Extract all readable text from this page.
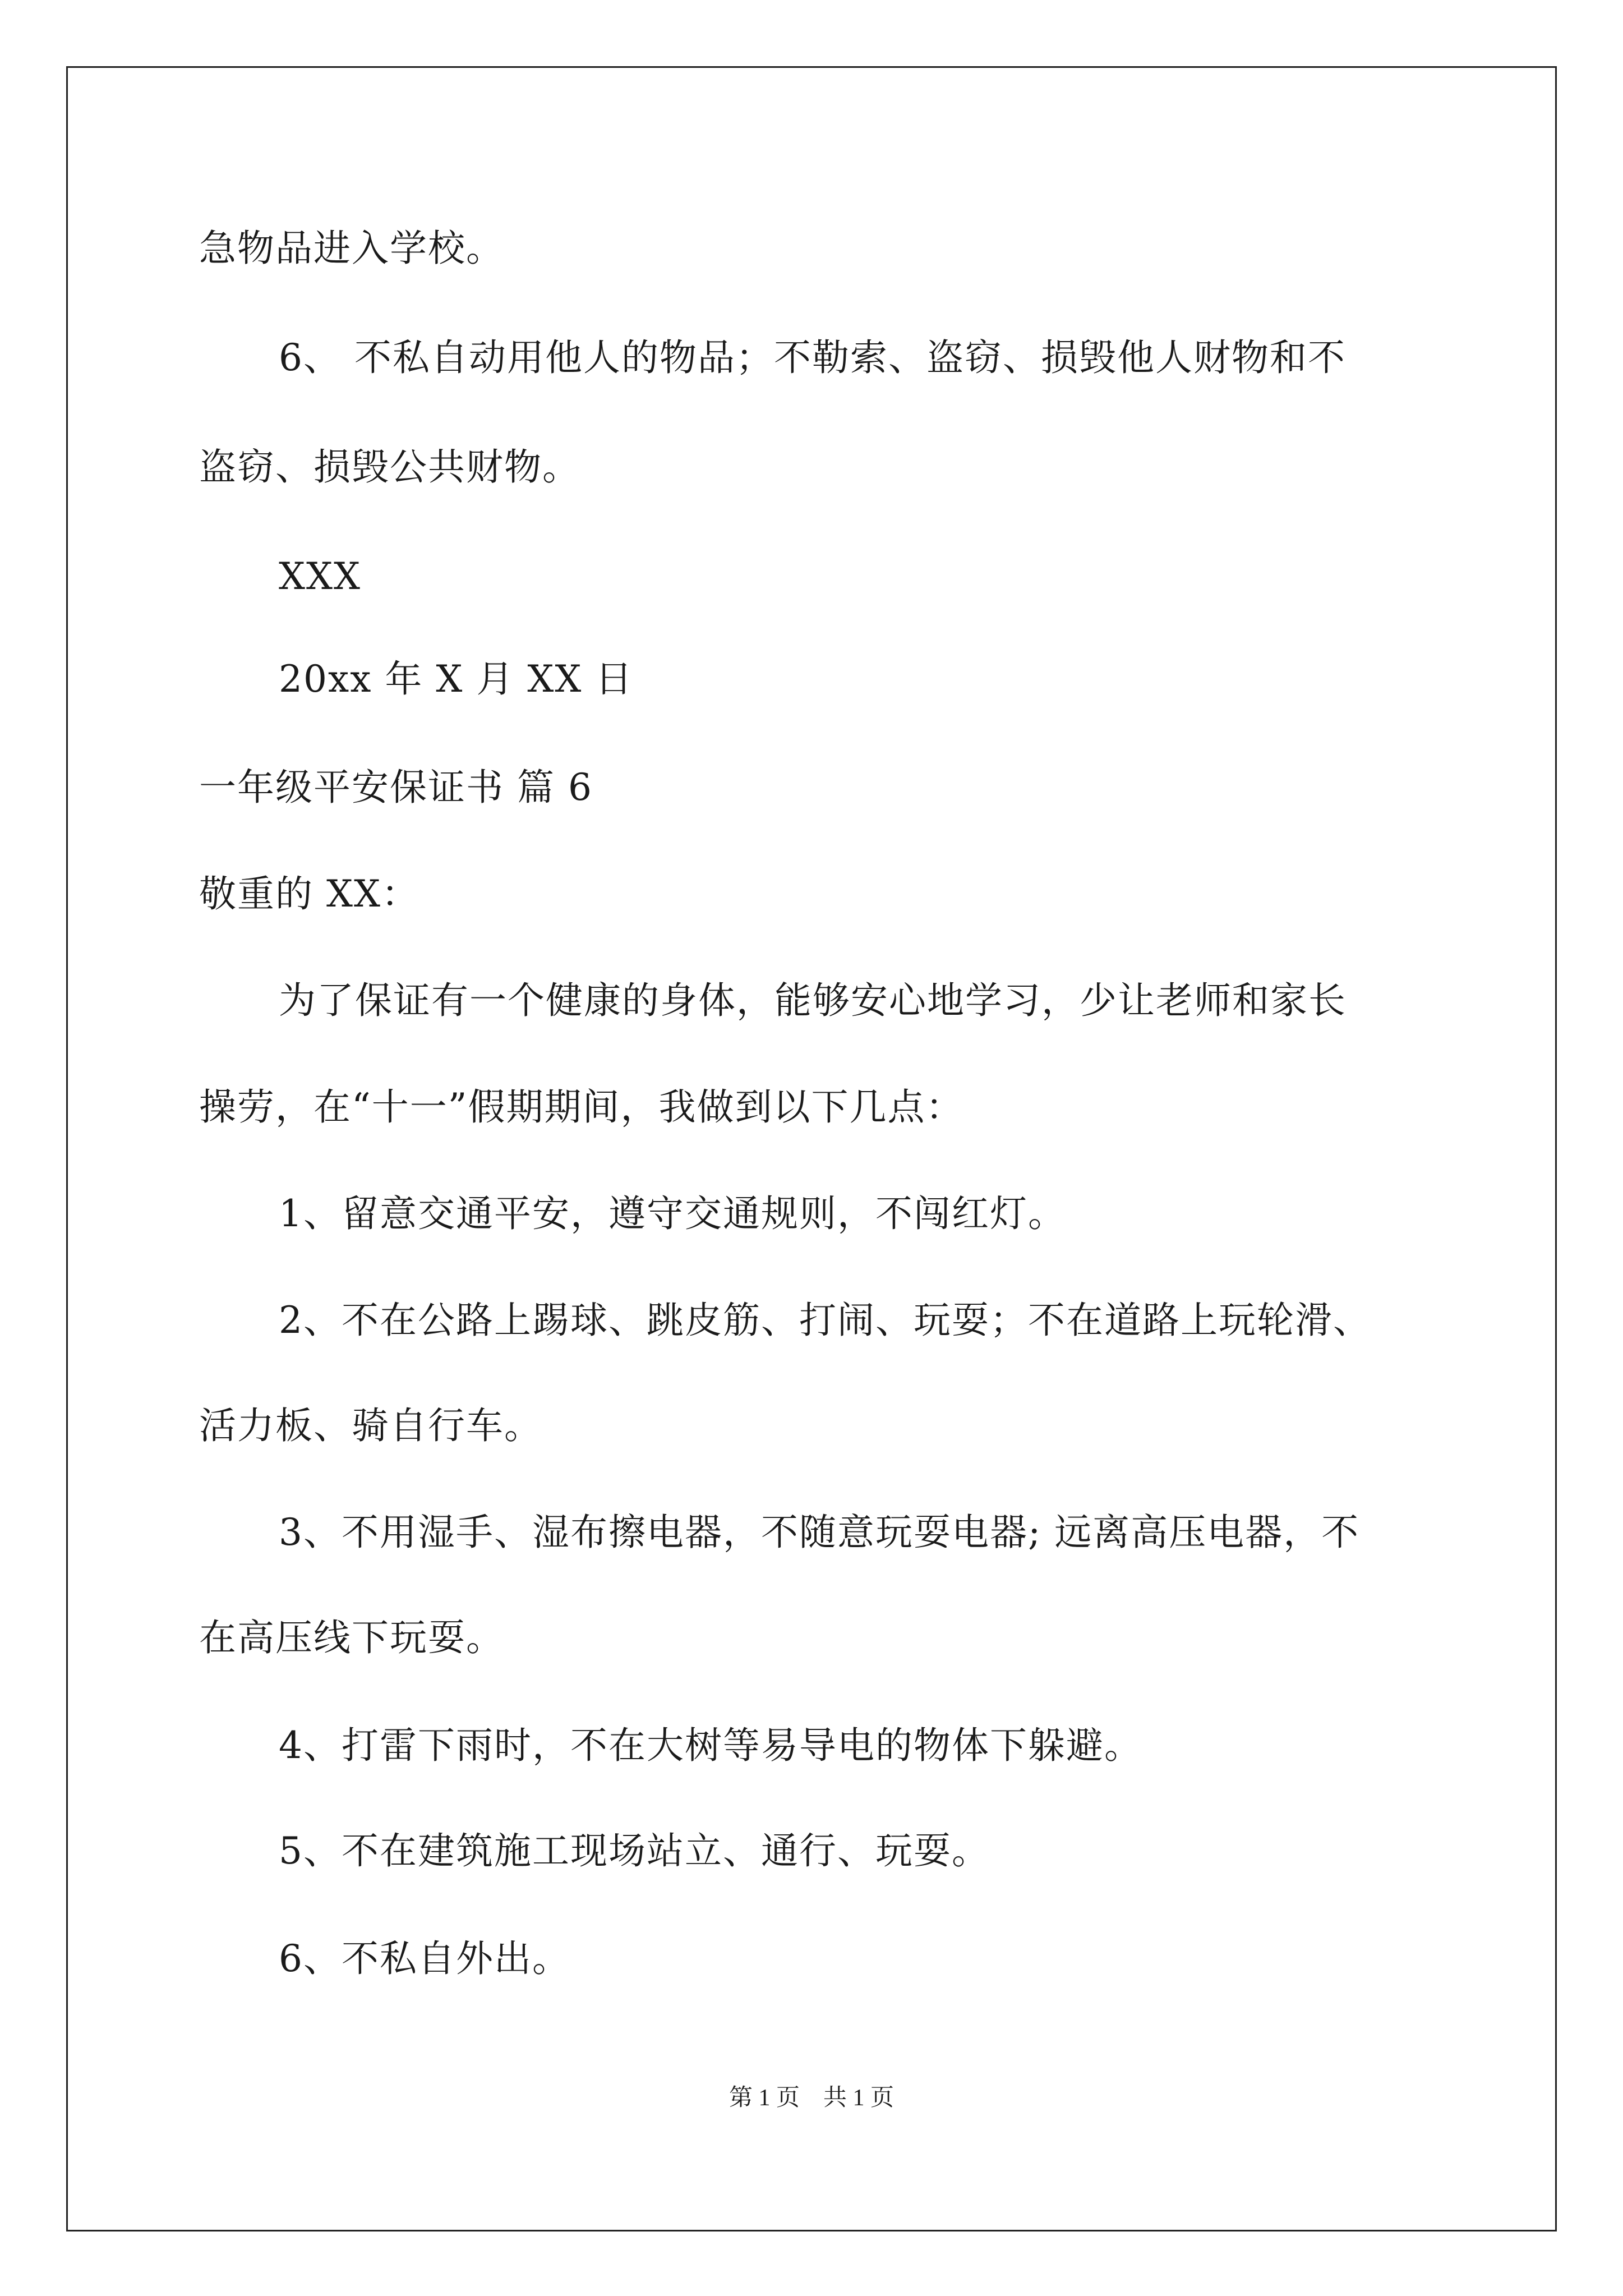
急物品进入学校。
6、 不私自动用他人的物品；不勒索、盗窃、损毁他人财物和不
盗窃、损毁公共财物。
XXX
20xx 年 X 月 XX 日
一年级平安保证书 篇 6
敬重的 XX：
为了保证有一个健康的身体，能够安心地学习，少让老师和家长
操劳，在“十一”假期期间，我做到以下几点：
1、留意交通平安，遵守交通规则，不闯红灯。
2、不在公路上踢球、跳皮筋、打闹、玩耍；不在道路上玩轮滑、
活力板、骑自行车。
3、不用湿手、湿布擦电器，不随意玩耍电器; 远离高压电器，不
在高压线下玩耍。
4、打雷下雨时，不在大树等易导电的物体下躲避。
5、不在建筑施工现场站立、通行、玩耍。
6、不私自外出。
第 1 页　共 1 页
